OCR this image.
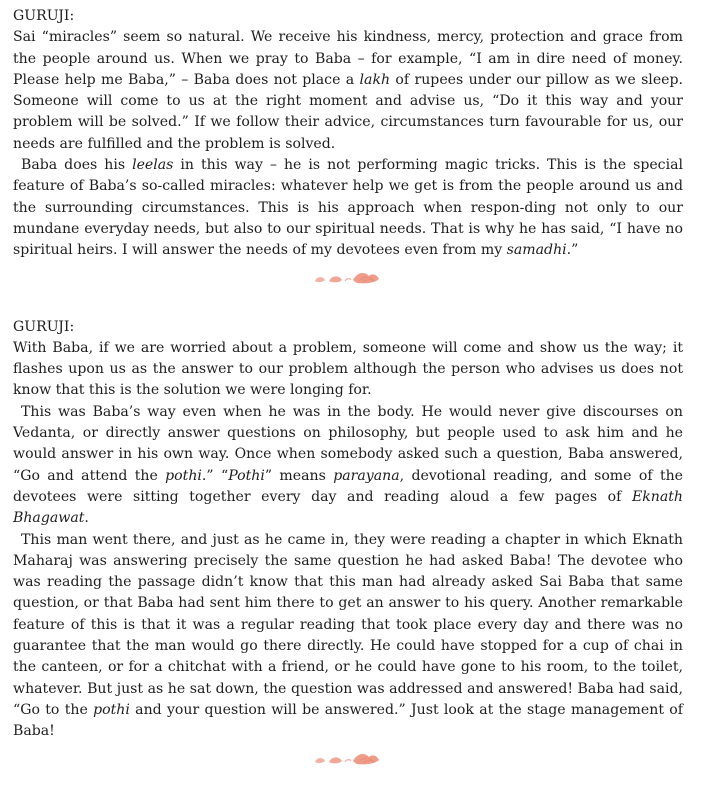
GURUJI:

Sai “miracles” seem so natural. We receive his kindness, mercy, protection and grace from the people around us. When we pray to Baba – for example, “I am in dire need of money. Please help me Baba,” – Baba does not place a lakh of rupees under our pillow as we sleep. Someone will come to us at the right moment and advise us, “Do it this way and your problem will be solved.” If we follow their advice, circumstances turn favourable for us, our needs are fulfilled and the problem is solved.

Baba does his leelas in this way – he is not performing magic tricks. This is the special feature of Baba’s so-called miracles: whatever help we get is from the people around us and the surrounding circumstances. This is his approach when respon-ding not only to our mundane everyday needs, but also to our spiritual needs. That is why he has said, “I have no spiritual heirs. I will answer the needs of my devotees even from my samadhi.”

GURUJI:

With Baba, if we are worried about a problem, someone will come and show us the way; it flashes upon us as the answer to our problem although the person who advises us does not know that this is the solution we were longing for.

This was Baba’s way even when he was in the body. He would never give discourses on Vedanta, or directly answer questions on philosophy, but people used to ask him and he would answer in his own way. Once when somebody asked such a question, Baba answered, “Go and attend the pothi.” “Pothi” means parayana, devotional reading, and some of the devotees were sitting together every day and reading aloud a few pages of Eknath Bhagawat.

This man went there, and just as he came in, they were reading a chapter in which Eknath Maharaj was answering precisely the same question he had asked Baba! The devotee who was reading the passage didn’t know that this man had already asked Sai Baba that same question, or that Baba had sent him there to get an answer to his query. Another remarkable feature of this is that it was a regular reading that took place every day and there was no guarantee that the man would go there directly. He could have stopped for a cup of chai in the canteen, or for a chitchat with a friend, or he could have gone to his room, to the toilet, whatever. But just as he sat down, the question was addressed and answered! Baba had said, “Go to the pothi and your question will be answered.” Just look at the stage management of Baba!
